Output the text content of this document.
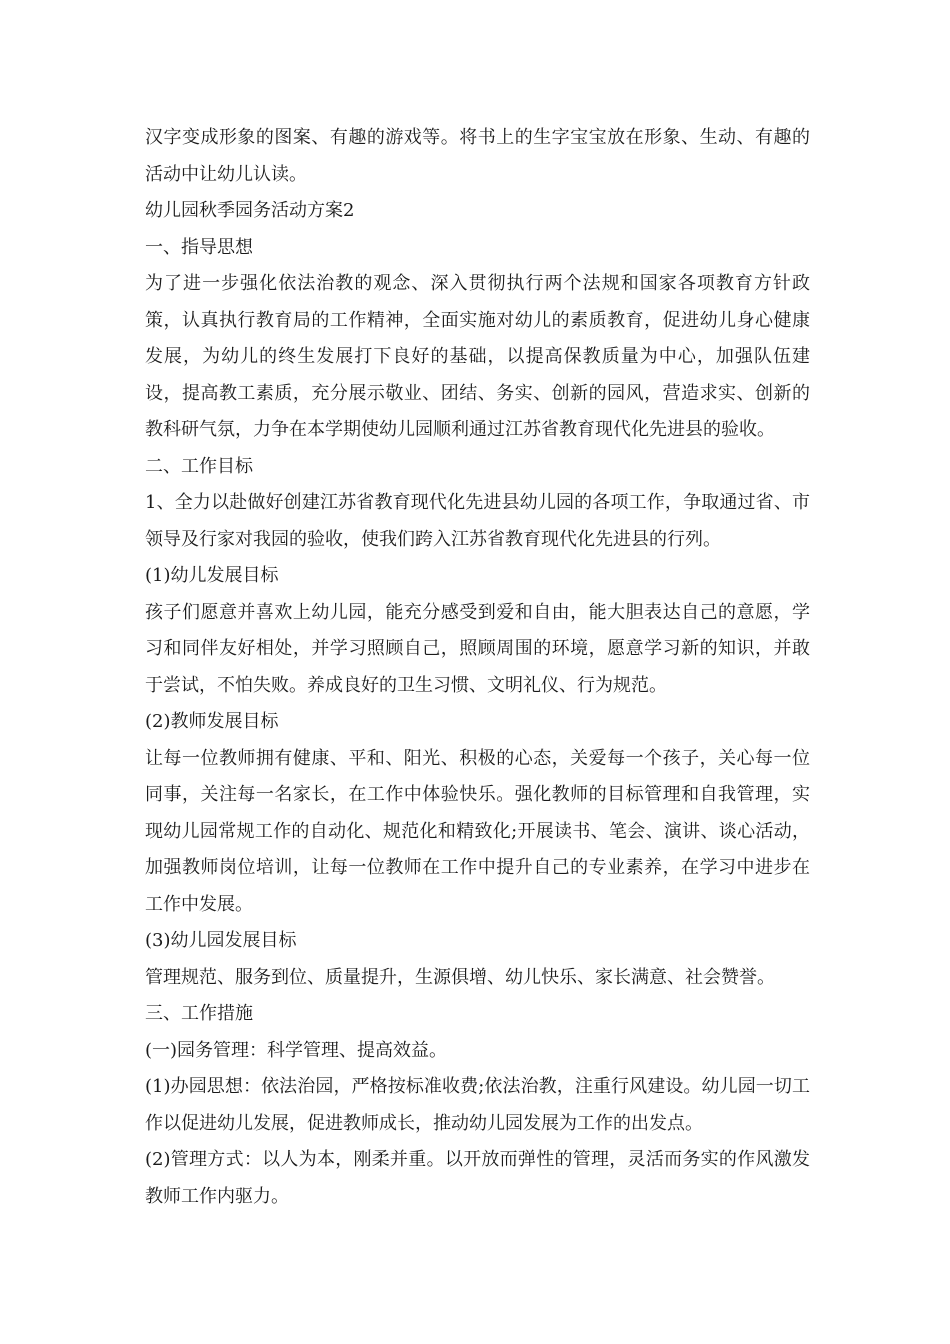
汉字变成形象的图案、有趣的游戏等。将书上的生字宝宝放在形象、生动、有趣的活动中让幼儿认读。

幼儿园秋季园务活动方案2

一、指导思想

为了进一步强化依法治教的观念、深入贯彻执行两个法规和国家各项教育方针政策，认真执行教育局的工作精神，全面实施对幼儿的素质教育，促进幼儿身心健康发展，为幼儿的终生发展打下良好的基础，以提高保教质量为中心，加强队伍建设，提高教工素质，充分展示敬业、团结、务实、创新的园风，营造求实、创新的教科研气氛，力争在本学期使幼儿园顺利通过江苏省教育现代化先进县的验收。

二、工作目标

1、全力以赴做好创建江苏省教育现代化先进县幼儿园的各项工作，争取通过省、市领导及行家对我园的验收，使我们跨入江苏省教育现代化先进县的行列。

(1)幼儿发展目标

孩子们愿意并喜欢上幼儿园，能充分感受到爱和自由，能大胆表达自己的意愿，学习和同伴友好相处，并学习照顾自己，照顾周围的环境，愿意学习新的知识，并敢于尝试，不怕失败。养成良好的卫生习惯、文明礼仪、行为规范。

(2)教师发展目标

让每一位教师拥有健康、平和、阳光、积极的心态，关爱每一个孩子，关心每一位同事，关注每一名家长，在工作中体验快乐。强化教师的目标管理和自我管理，实现幼儿园常规工作的自动化、规范化和精致化;开展读书、笔会、演讲、谈心活动，加强教师岗位培训，让每一位教师在工作中提升自己的专业素养，在学习中进步在工作中发展。

(3)幼儿园发展目标

管理规范、服务到位、质量提升，生源俱增、幼儿快乐、家长满意、社会赞誉。

三、工作措施

(一)园务管理：科学管理、提高效益。

(1)办园思想：依法治园，严格按标准收费;依法治教，注重行风建设。幼儿园一切工作以促进幼儿发展，促进教师成长，推动幼儿园发展为工作的出发点。

(2)管理方式：以人为本，刚柔并重。以开放而弹性的管理，灵活而务实的作风激发教师工作内驱力。
